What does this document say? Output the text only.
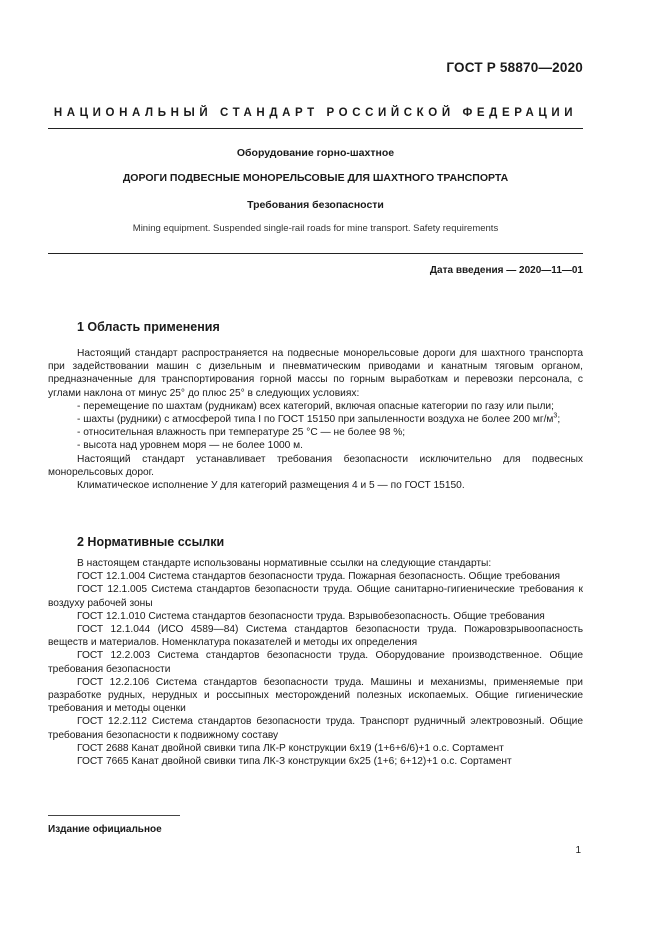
ГОСТ Р 58870—2020
НАЦИОНАЛЬНЫЙ СТАНДАРТ РОССИЙСКОЙ ФЕДЕРАЦИИ
Оборудование горно-шахтное
ДОРОГИ ПОДВЕСНЫЕ МОНОРЕЛЬСОВЫЕ ДЛЯ ШАХТНОГО ТРАНСПОРТА
Требования безопасности
Mining equipment. Suspended single-rail roads for mine transport. Safety requirements
Дата введения — 2020—11—01
1 Область применения

Настоящий стандарт распространяется на подвесные монорельсовые дороги для шахтного транспорта при задействовании машин с дизельным и пневматическим приводами и канатным тяговым органом, предназначенные для транспортирования горной массы по горным выработкам и перевозки персонала, с углами наклона от минус 25° до плюс 25° в следующих условиях:

- перемещение по шахтам (рудникам) всех категорий, включая опасные категории по газу или пыли;

- шахты (рудники) с атмосферой типа I по ГОСТ 15150 при запыленности воздуха не более 200 $мг/м^3$;

- относительная влажность при температуре 25 °С — не более 98 %;

- высота над уровнем моря — не более 1000 м.

Настоящий стандарт устанавливает требования безопасности исключительно для подвесных монорельсовых дорог.

Климатическое исполнение У для категорий размещения 4 и 5 — по ГОСТ 15150.

2 Нормативные ссылки

В настоящем стандарте использованы нормативные ссылки на следующие стандарты:

ГОСТ 12.1.004 Система стандартов безопасности труда. Пожарная безопасность. Общие требования

ГОСТ 12.1.005 Система стандартов безопасности труда. Общие санитарно-гигиенические требования к воздуху рабочей зоны

ГОСТ 12.1.010 Система стандартов безопасности труда. Взрывобезопасность. Общие требования

ГОСТ 12.1.044 (ИСО 4589—84) Система стандартов безопасности труда. Пожаровзрывоопасность веществ и материалов. Номенклатура показателей и методы их определения

ГОСТ 12.2.003 Система стандартов безопасности труда. Оборудование производственное. Общие требования безопасности

ГОСТ 12.2.106 Система стандартов безопасности труда. Машины и механизмы, применяемые при разработке рудных, нерудных и россыпных месторождений полезных ископаемых. Общие гигиенические требования и методы оценки

ГОСТ 12.2.112 Система стандартов безопасности труда. Транспорт рудничный электровозный. Общие требования безопасности к подвижному составу

ГОСТ 2688 Канат двойной свивки типа ЛК-Р конструкции 6х19 (1+6+6/6)+1 о.с. Сортамент

ГОСТ 7665 Канат двойной свивки типа ЛК-З конструкции 6х25 (1+6; 6+12)+1 о.с. Сортамент

Издание официальное
1
